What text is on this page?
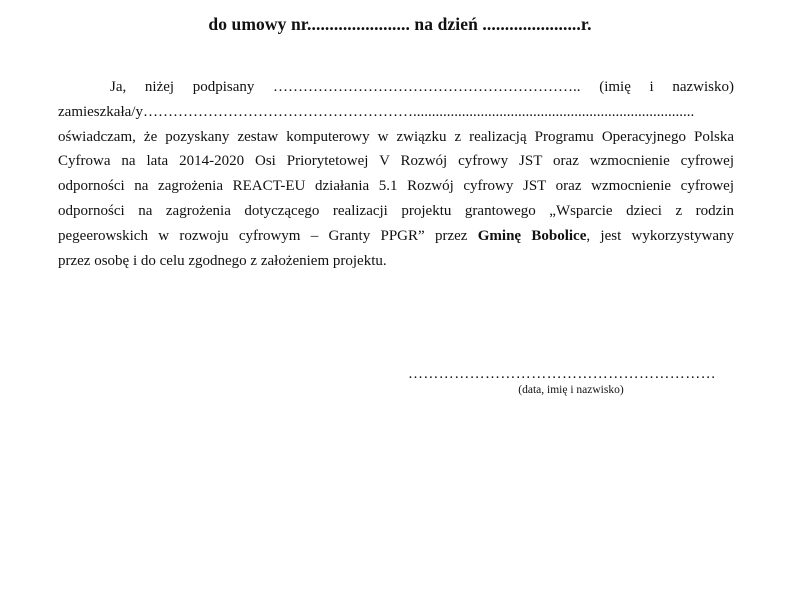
do umowy nr....................... na dzień ......................r.
Ja, niżej podpisany …………………………………………………….. (imię i nazwisko)
zamieszkała/y………………………………………………...........................................................................
oświadczam, że pozyskany zestaw komputerowy w związku z realizacją Programu Operacyjnego Polska
Cyfrowa na lata 2014-2020 Osi Priorytetowej V Rozwój cyfrowy JST oraz wzmocnienie cyfrowej
odporności na zagrożenia REACT-EU działania 5.1 Rozwój cyfrowy JST oraz wzmocnienie cyfrowej
odporności na zagrożenia dotyczącego realizacji projektu grantowego „Wsparcie dzieci z rodzin
pegeerowskich w rozwoju cyfrowym – Granty PPGR” przez Gminę Bobolice, jest wykorzystywany
przez osobę i do celu zgodnego z założeniem projektu.
……………………………………………………
(data, imię i nazwisko)
